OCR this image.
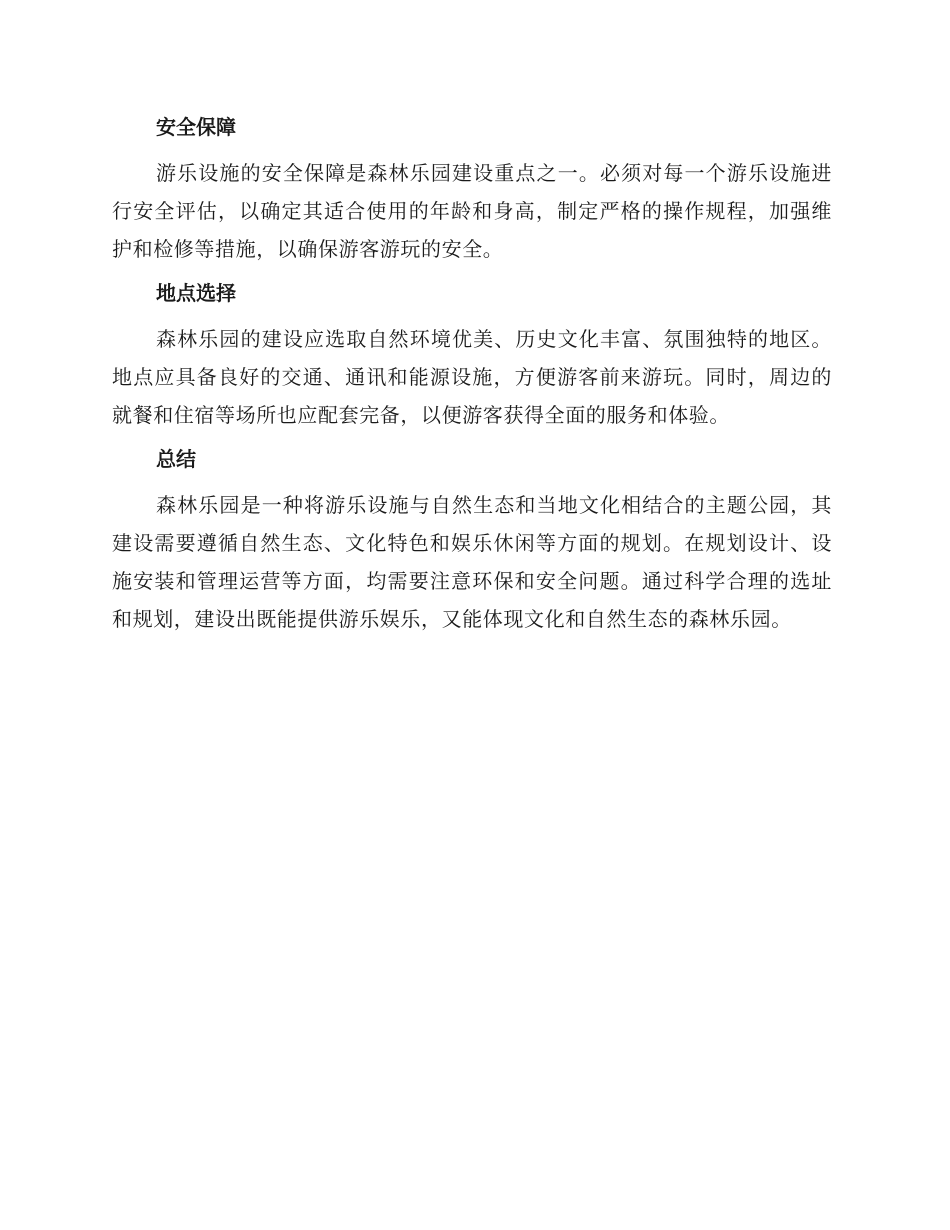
安全保障

游乐设施的安全保障是森林乐园建设重点之一。必须对每一个游乐设施进行安全评估，以确定其适合使用的年龄和身高，制定严格的操作规程，加强维护和检修等措施，以确保游客游玩的安全。

地点选择

森林乐园的建设应选取自然环境优美、历史文化丰富、氛围独特的地区。地点应具备良好的交通、通讯和能源设施，方便游客前来游玩。同时，周边的就餐和住宿等场所也应配套完备，以便游客获得全面的服务和体验。

总结

森林乐园是一种将游乐设施与自然生态和当地文化相结合的主题公园，其建设需要遵循自然生态、文化特色和娱乐休闲等方面的规划。在规划设计、设施安装和管理运营等方面，均需要注意环保和安全问题。通过科学合理的选址和规划，建设出既能提供游乐娱乐，又能体现文化和自然生态的森林乐园。
